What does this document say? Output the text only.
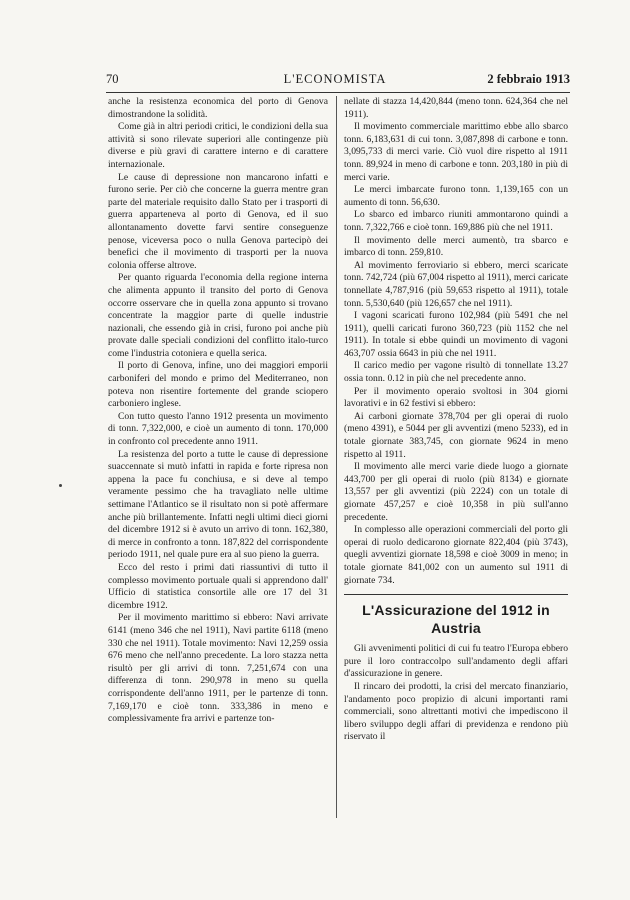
70	L'ECONOMISTA	2 febbraio 1913

anche la resistenza economica del porto di Genova dimostrandone la solidità.

Come già in altri periodi critici, le condizioni della sua attività si sono rilevate superiori alle contingenze più diverse e più gravi di carattere interno e di carattere internazionale.

Le cause di depressione non mancarono infatti e furono serie. Per ciò che concerne la guerra mentre gran parte del materiale requisito dallo Stato per i trasporti di guerra apparteneva al porto di Genova, ed il suo allontanamento dovette farvi sentire conseguenze penose, viceversa poco o nulla Genova partecipò dei benefici che il movimento di trasporti per la nuova colonia offerse altrove.

Per quanto riguarda l'economia della regione interna che alimenta appunto il transito del porto di Genova occorre osservare che in quella zona appunto si trovano concentrate la maggior parte di quelle industrie nazionali, che essendo già in crisi, furono poi anche più provate dalle speciali condizioni del conflitto italo-turco come l'industria cotoniera e quella serica.

Il porto di Genova, infine, uno dei maggiori emporii carboniferi del mondo e primo del Mediterraneo, non poteva non risentire fortemente del grande sciopero carboniero inglese.

Con tutto questo l'anno 1912 presenta un movimento di tonn. 7,322,000, e cioè un aumento di tonn. 170,000 in confronto col precedente anno 1911.

La resistenza del porto a tutte le cause di depressione suaccennate si mutò infatti in rapida e forte ripresa non appena la pace fu conchiusa, e si deve al tempo veramente pessimo che ha travagliato nelle ultime settimane l'Atlantico se il risultato non si potè affermare anche più brillantemente. Infatti negli ultimi dieci giorni del dicembre 1912 si è avuto un arrivo di tonn. 162,380, di merce in confronto a tonn. 187,822 del corrispondente periodo 1911, nel quale pure era al suo pieno la guerra.

Ecco del resto i primi dati riassuntivi di tutto il complesso movimento portuale quali si apprendono dall' Ufficio di statistica consortile alle ore 17 del 31 dicembre 1912.

Per il movimento marittimo si ebbero: Navi arrivate 6141 (meno 346 che nel 1911), Navi partite 6118 (meno 330 che nel 1911). Totale movimento: Navi 12,259 ossia 676 meno che nell'anno precedente. La loro stazza netta risultò per gli arrivi di tonn. 7,251,674 con una differenza di tonn. 290,978 in meno su quella corrispondente dell'anno 1911, per le partenze di tonn. 7,169,170 e cioè tonn. 333,386 in meno e complessivamente fra arrivi e partenze ton-

nellate di stazza 14,420,844 (meno tonn. 624,364 che nel 1911).

Il movimento commerciale marittimo ebbe allo sbarco tonn. 6,183,631 di cui tonn. 3,087,898 di carbone e tonn. 3,095,733 di merci varie. Ciò vuol dire rispetto al 1911 tonn. 89,924 in meno di carbone e tonn. 203,180 in più di merci varie.

Le merci imbarcate furono tonn. 1,139,165 con un aumento di tonn. 56,630.

Lo sbarco ed imbarco riuniti ammontarono quindi a tonn. 7,322,766 e cioè tonn. 169,886 più che nel 1911.

Il movimento delle merci aumentò, tra sbarco e imbarco di tonn. 259,810.

Al movimento ferroviario si ebbero, merci scaricate tonn. 742,724 (più 67,004 rispetto al 1911), merci caricate tonnellate 4,787,916 (più 59,653 rispetto al 1911), totale tonn. 5,530,640 (più 126,657 che nel 1911).

I vagoni scaricati furono 102,984 (più 5491 che nel 1911), quelli caricati furono 360,723 (più 1152 che nel 1911). In totale si ebbe quindi un movimento di vagoni 463,707 ossia 6643 in più che nel 1911.

Il carico medio per vagone risultò di tonnellate 13.27 ossia tonn. 0.12 in più che nel precedente anno.

Per il movimento operaio svoltosi in 304 giorni lavorativi e in 62 festivi si ebbero:

Ai carboni giornate 378,704 per gli operai di ruolo (meno 4391), e 5044 per gli avventizi (meno 5233), ed in totale giornate 383,745, con giornate 9624 in meno rispetto al 1911.

Il movimento alle merci varie diede luogo a giornate 443,700 per gli operai di ruolo (più 8134) e giornate 13,557 per gli avventizi (più 2224) con un totale di giornate 457,257 e cioè 10,358 in più sull'anno precedente.

In complesso alle operazioni commerciali del porto gli operai di ruolo dedicarono giornate 822,404 (più 3743), quegli avventizi giornate 18,598 e cioè 3009 in meno; in totale giornate 841,002 con un aumento sul 1911 di giornate 734.

L'Assicurazione del 1912 in Austria

Gli avvenimenti politici di cui fu teatro l'Europa ebbero pure il loro contraccolpo sull'andamento degli affari d'assicurazione in genere.

Il rincaro dei prodotti, la crisi del mercato finanziario, l'andamento poco propizio di alcuni importanti rami commerciali, sono altrettanti motivi che impediscono il libero sviluppo degli affari di previdenza e rendono più riservato il
